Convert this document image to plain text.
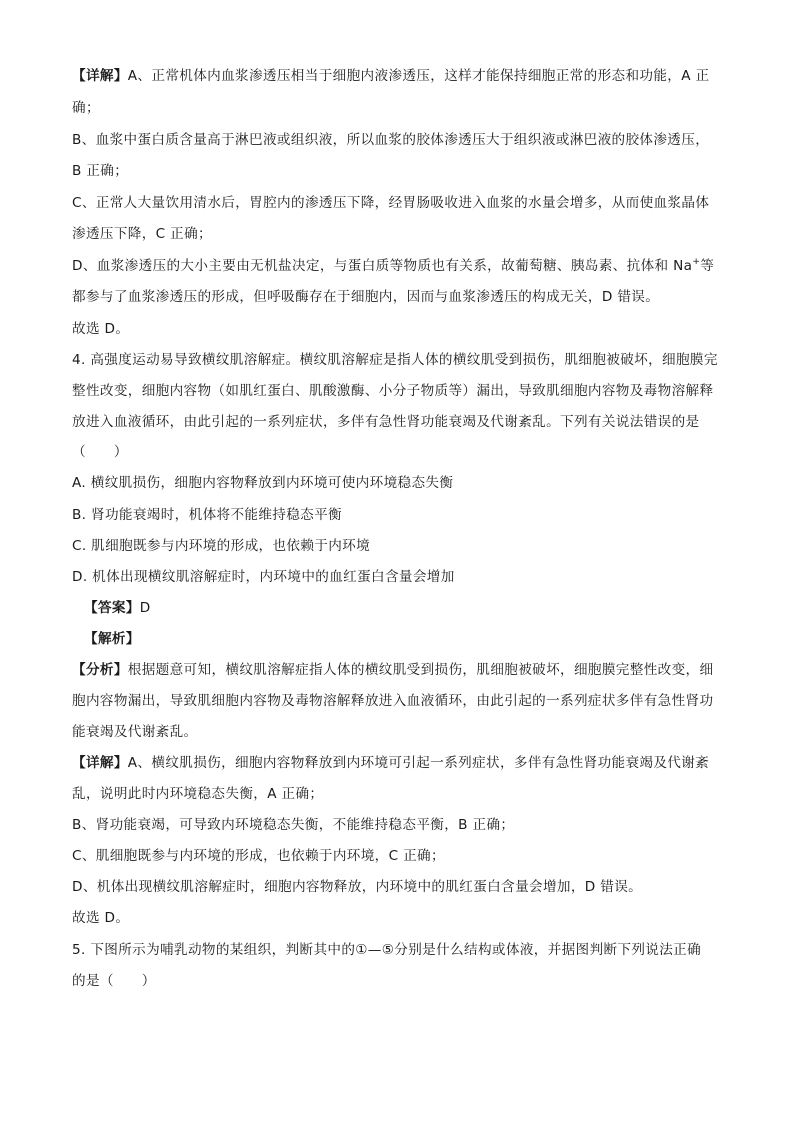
【详解】A、正常机体内血浆渗透压相当于细胞内液渗透压，这样才能保持细胞正常的形态和功能，A 正
确；
B、血浆中蛋白质含量高于淋巴液或组织液，所以血浆的胶体渗透压大于组织液或淋巴液的胶体渗透压，
B 正确；
C、正常人大量饮用清水后，胃腔内的渗透压下降，经胃肠吸收进入血浆的水量会增多，从而使血浆晶体
渗透压下降，C 正确；
D、血浆渗透压的大小主要由无机盐决定，与蛋白质等物质也有关系，故葡萄糖、胰岛素、抗体和 Na+等
都参与了血浆渗透压的形成，但呼吸酶存在于细胞内，因而与血浆渗透压的构成无关，D 错误。
故选 D。
4. 高强度运动易导致横纹肌溶解症。横纹肌溶解症是指人体的横纹肌受到损伤，肌细胞被破坏，细胞膜完
整性改变，细胞内容物（如肌红蛋白、肌酸激酶、小分子物质等）漏出，导致肌细胞内容物及毒物溶解释
放进入血液循环，由此引起的一系列症状，多伴有急性肾功能衰竭及代谢紊乱。下列有关说法错误的是
（　　）
A. 横纹肌损伤，细胞内容物释放到内环境可使内环境稳态失衡
B. 肾功能衰竭时，机体将不能维持稳态平衡
C. 肌细胞既参与内环境的形成，也依赖于内环境
D. 机体出现横纹肌溶解症时，内环境中的血红蛋白含量会增加
【答案】D
【解析】
【分析】根据题意可知，横纹肌溶解症指人体的横纹肌受到损伤，肌细胞被破坏，细胞膜完整性改变，细
胞内容物漏出，导致肌细胞内容物及毒物溶解释放进入血液循环，由此引起的一系列症状多伴有急性肾功
能衰竭及代谢紊乱。
【详解】A、横纹肌损伤，细胞内容物释放到内环境可引起一系列症状，多伴有急性肾功能衰竭及代谢紊
乱，说明此时内环境稳态失衡，A 正确；
B、肾功能衰竭，可导致内环境稳态失衡，不能维持稳态平衡，B 正确；
C、肌细胞既参与内环境的形成，也依赖于内环境，C 正确；
D、机体出现横纹肌溶解症时，细胞内容物释放，内环境中的肌红蛋白含量会增加，D 错误。
故选 D。
5. 下图所示为哺乳动物的某组织，判断其中的①—⑤分别是什么结构或体液，并据图判断下列说法正确
的是（　　）
